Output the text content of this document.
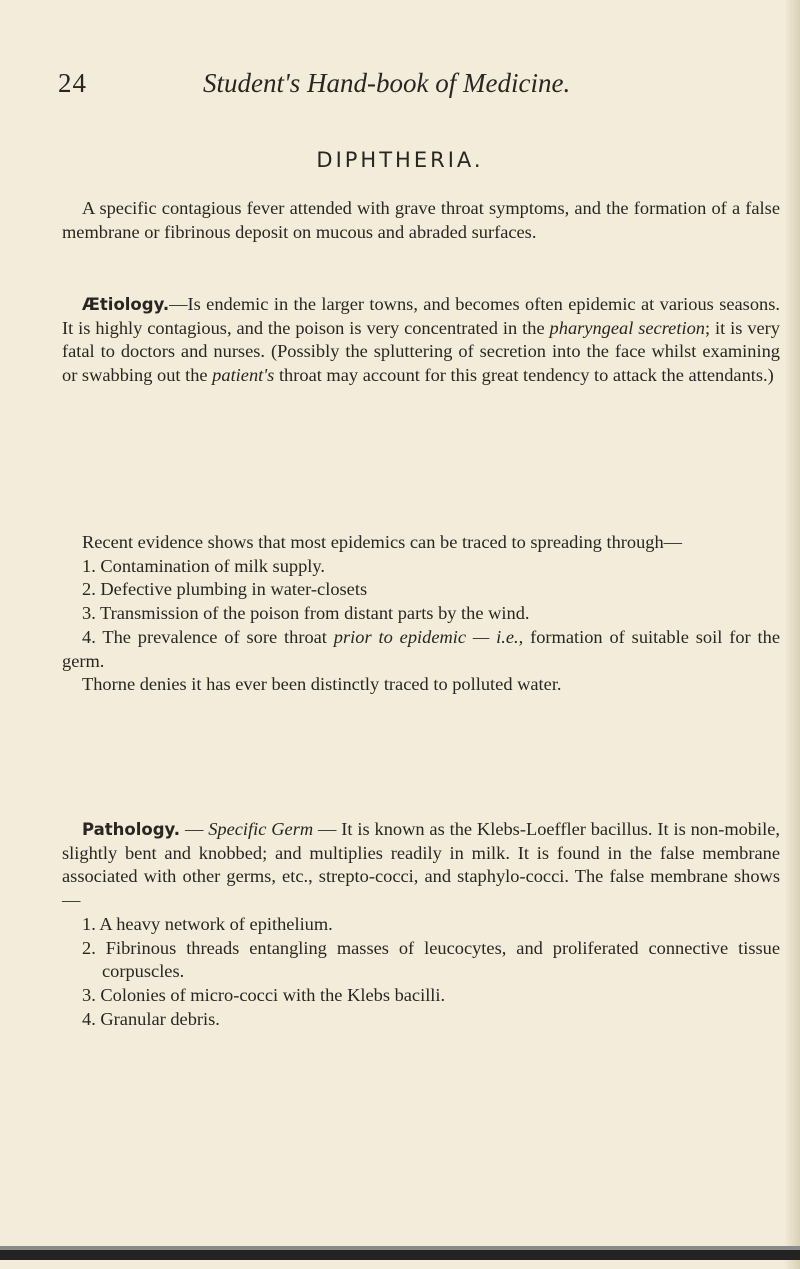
24	Student's Hand-book of Medicine.
DIPHTHERIA.

A specific contagious fever attended with grave throat symptoms, and the formation of a false membrane or fibrinous deposit on mucous and abraded surfaces.

Ætiology.—Is endemic in the larger towns, and becomes often epidemic at various seasons. It is highly contagious, and the poison is very concentrated in the pharyngeal secretion; it is very fatal to doctors and nurses. (Possibly the spluttering of secretion into the face whilst examining or swabbing out the patient's throat may account for this great tendency to attack the attendants.)

Recent evidence shows that most epidemics can be traced to spreading through—

1. Contamination of milk supply.

2. Defective plumbing in water-closets

3. Transmission of the poison from distant parts by the wind.

4. The prevalence of sore throat prior to epidemic — i.e., formation of suitable soil for the germ.

Thorne denies it has ever been distinctly traced to polluted water.

Pathology. — Specific Germ — It is known as the Klebs-Loeffler bacillus. It is non-mobile, slightly bent and knobbed; and multiplies readily in milk. It is found in the false membrane associated with other germs, etc., strepto-cocci, and staphylo-cocci. The false membrane shows—

1. A heavy network of epithelium.

2. Fibrinous threads entangling masses of leucocytes, and proliferated connective tissue corpuscles.

3. Colonies of micro-cocci with the Klebs bacilli.

4. Granular debris.
